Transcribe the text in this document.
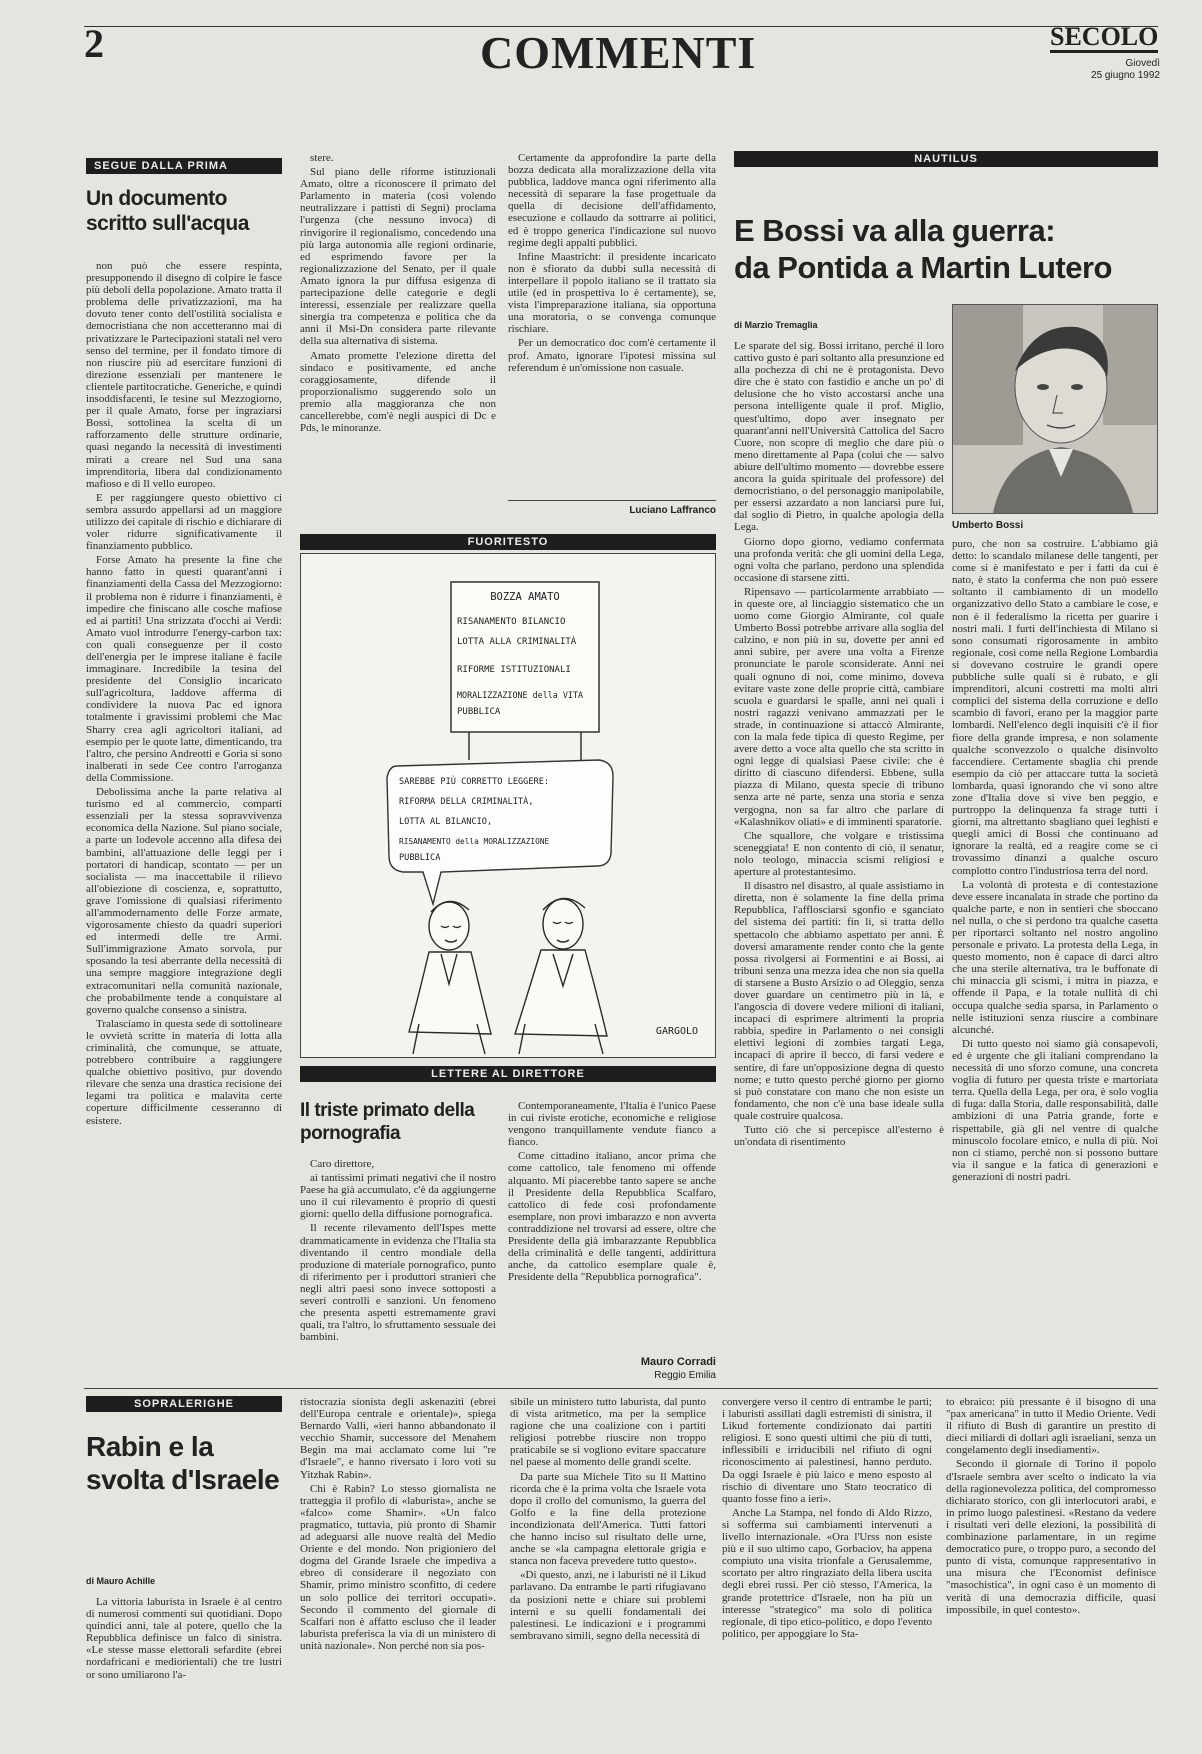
2	COMMENTI	SECOLO
Giovedì
25 giugno 1992
SEGUE DALLA PRIMA
Un documento scritto sull'acqua

non può che essere respinta, presupponendo il disegno di colpire le fasce più deboli della popolazione. Amato tratta il problema delle privatizzazioni, ma ha dovuto tener conto dell'ostilità socialista e democristiana che non accetteranno mai di privatizzare le Partecipazioni statali nel vero senso del termine, per il fondato timore di non riuscire più ad esercitare funzioni di direzione essenziali per mantenere le clientele partitocratiche. Generiche, e quindi insoddisfacenti, le tesine sul Mezzogiorno, per il quale Amato, forse per ingraziarsi Bossi, sottolinea la scelta di un rafforzamento delle strutture ordinarie, quasi negando la necessità di investimenti mirati a creare nel Sud una sana imprenditoria, libera dal condizionamento mafioso e di Il vello europeo.

E per raggiungere questo obiettivo ci sembra assurdo appellarsi ad un maggiore utilizzo dei capitale di rischio e dichiarare di voler ridurre significativamente il finanziamento pubblico.

Forse Amato ha presente la fine che hanno fatto in questi quarant'anni i finanziamenti della Cassa del Mezzogiorno: il problema non è ridurre i finanziamenti, è impedire che finiscano alle cosche mafiose ed ai partiti! Una strizzata d'occhi ai Verdi: Amato vuol introdurre l'energy-carbon tax: con quali conseguenze per il costo dell'energia per le imprese italiane è facile immaginare. Incredibile la tesina del presidente del Consiglio incaricato sull'agricoltura, laddove afferma di condividere la nuova Pac ed ignora totalmente i gravissimi problemi che Mac Sharry crea agli agricoltori italiani, ad esempio per le quote latte, dimenticando, tra l'altro, che persino Andreotti e Goria si sono inalberati in sede Cee contro l'arroganza della Commissione.

Debolissima anche la parte relativa al turismo ed al commercio, comparti essenziali per la stessa sopravvivenza economica della Nazione. Sul piano sociale, a parte un lodevole accenno alla difesa dei bambini, all'attuazione delle leggi per i portatori di handicap, scontato — per un socialista — ma inaccettabile il rilievo all'obiezione di coscienza, e, soprattutto, grave l'omissione di qualsiasi riferimento all'ammodernamento delle Forze armate, vigorosamente chiesto da quadri superiori ed intermedi delle tre Armi. Sull'immigrazione Amato sorvola, pur sposando la tesi aberrante della necessità di una sempre maggiore integrazione degli extracomunitari nella comunità nazionale, che probabilmente tende a conquistare al governo qualche consenso a sinistra.

Tralasciamo in questa sede di sottolineare le ovvietà scritte in materia di lotta alla criminalità, che comunque, se attuate, potrebbero contribuire a raggiungere qualche obiettivo positivo, pur dovendo rilevare che senza una drastica recisione dei legami tra politica e malavita certe coperture difficilmente cesseranno di esistere.

stere.

Sul piano delle riforme istituzionali Amato, oltre a riconoscere il primato del Parlamento in materia (così volendo neutralizzare i pattisti di Segni) proclama l'urgenza (che nessuno invoca) di rinvigorire il regionalismo, concedendo una più larga autonomia alle regioni ordinarie, ed esprimendo favore per la regionalizzazione del Senato, per il quale Amato ignora la pur diffusa esigenza di partecipazione delle categorie e degli interessi, essenziale per realizzare quella sinergia tra competenza e politica che da anni il Msi-Dn considera parte rilevante della sua alternativa di sistema.

Amato promette l'elezione diretta del sindaco e positivamente, ed anche coraggiosamente, difende il proporzionalismo suggerendo solo un premio alla maggioranza che non cancellerebbe, com'è negli auspici di Dc e Pds, le minoranze.

Certamente da approfondire la parte della bozza dedicata alla moralizzazione della vita pubblica, laddove manca ogni riferimento alla necessità di separare la fase progettuale da quella di decisione dell'affidamento, esecuzione e collaudo da sottrarre ai politici, ed è troppo generica l'indicazione sul nuovo regime degli appalti pubblici.

Infine Maastricht: il presidente incaricato non è sfiorato da dubbi sulla necessità di interpellare il popolo italiano se il trattato sia utile (ed in prospettiva lo è certamente), se, vista l'impreparazione italiana, sia opportuna una moratoria, o se convenga comunque rischiare.

Per un democratico doc com'è certamente il prof. Amato, ignorare l'ipotesi missina sul referendum è un'omissione non casuale.

Luciano Laffranco
FUORITESTO
BOZZA AMATO
RISANAMENTO BILANCIO
LOTTA ALLA CRIMINALITÀ
RIFORME ISTITUZIONALI
MORALIZZAZIONE della VITA
PUBBLICA
SAREBBE PIÙ CORRETTO LEGGERE:
RIFORMA DELLA CRIMINALITÀ,
LOTTA AL BILANCIO,
RISANAMENTO della MORALIZZAZIONE
PUBBLICA
GARGOLO
LETTERE AL DIRETTORE
Il triste primato della pornografia

Caro direttore,

ai tantissimi primati negativi che il nostro Paese ha già accumulato, c'è da aggiungerne uno il cui rilevamento è proprio di questi giorni: quello della diffusione pornografica.

Il recente rilevamento dell'Ispes mette drammaticamente in evidenza che l'Italia sta diventando il centro mondiale della produzione di materiale pornografico, punto di riferimento per i produttori stranieri che negli altri paesi sono invece sottoposti a severi controlli e sanzioni. Un fenomeno che presenta aspetti estremamente gravi quali, tra l'altro, lo sfruttamento sessuale dei bambini.

Contemporaneamente, l'Italia è l'unico Paese in cui riviste erotiche, economiche e religiose vengono tranquillamente vendute fianco a fianco.

Come cittadino italiano, ancor prima che come cattolico, tale fenomeno mi offende alquanto. Mi piacerebbe tanto sapere se anche il Presidente della Repubblica Scalfaro, cattolico di fede così profondamente esemplare, non provi imbarazzo e non avverta contraddizione nel trovarsi ad essere, oltre che Presidente della già imbarazzante Repubblica della criminalità e delle tangenti, addirittura anche, da cattolico esemplare quale è, Presidente della "Repubblica pornografica".

Mauro Corradi
Reggio Emilia
NAUTILUS
E Bossi va alla guerra:
da Pontida a Martin Lutero
di Marzio Tremaglia
Umberto Bossi

Le sparate del sig. Bossi irritano, perché il loro cattivo gusto è pari soltanto alla presunzione ed alla pochezza di chi ne è protagonista. Devo dire che è stato con fastidio e anche un po' di delusione che ho visto accostarsi anche una persona intelligente quale il prof. Miglio, quest'ultimo, dopo aver insegnato per quarant'anni nell'Università Cattolica del Sacro Cuore, non scopre di meglio che dare più o meno direttamente al Papa (colui che — salvo abiure dell'ultimo momento — dovrebbe essere ancora la guida spirituale del professore) del democristiano, o del personaggio manipolabile, per essersi azzardato a non lanciarsi pure lui, dal soglio di Pietro, in qualche apologia della Lega.

Giorno dopo giorno, vediamo confermata una profonda verità: che gli uomini della Lega, ogni volta che parlano, perdono una splendida occasione di starsene zitti.

Ripensavo — particolarmente arrabbiato — in queste ore, al linciaggio sistematico che un uomo come Giorgio Almirante, col quale Umberto Bossi potrebbe arrivare alla soglia del calzino, e non più in su, dovette per anni ed anni subire, per avere una volta a Firenze pronunciate le parole sconsiderate. Anni nei quali ognuno di noi, come minimo, doveva evitare vaste zone delle proprie città, cambiare scuola e guardarsi le spalle, anni nei quali i nostri ragazzi venivano ammazzati per le strade, in continuazione si attaccò Almirante, con la mala fede tipica di questo Regime, per avere detto a voce alta quello che sta scritto in ogni legge di qualsiasi Paese civile: che è diritto di ciascuno difendersi. Ebbene, sulla piazza di Milano, questa specie di tribuno senza arte né parte, senza una storia e senza vergogna, non sa far altro che parlare di «Kalashnikov oliati» e di imminenti sparatorie.

Che squallore, che volgare e tristissima sceneggiata! E non contento di ciò, il senatur, nolo teologo, minaccia scismi religiosi e aperture al protestantesimo.

Il disastro nel disastro, al quale assistiamo in diretta, non è solamente la fine della prima Repubblica, l'afflosciarsi sgonfio e sganciato del sistema dei partiti: fin lì, si tratta dello spettacolo che abbiamo aspettato per anni. È doversi amaramente render conto che la gente possa rivolgersi ai Formentini e ai Bossi, ai tribuni senza una mezza idea che non sia quella di starsene a Busto Arsizio o ad Oleggio, senza dover guardare un centimetro più in là, e l'angoscia di dovere vedere milioni di italiani, incapaci di esprimere altrimenti la propria rabbia, spedire in Parlamento o nei consigli elettivi legioni di zombies targati Lega, incapaci di aprire il becco, di farsi vedere e sentire, di fare un'opposizione degna di questo nome; e tutto questo perché giorno per giorno si può constatare con mano che non esiste un fondamento, che non c'è una base ideale sulla quale costruire qualcosa.

Tutto ciò che si percepisce all'esterno è un'ondata di risentimento

puro, che non sa costruire. L'abbiamo già detto: lo scandalo milanese delle tangenti, per come si è manifestato e per i fatti da cui è nato, è stato la conferma che non può essere soltanto il cambiamento di un modello organizzativo dello Stato a cambiare le cose, e non è il federalismo la ricetta per guarire i nostri mali. I furti dell'inchiesta di Milano si sono consumati rigorosamente in ambito regionale, così come nella Regione Lombardia si dovevano costruire le grandi opere pubbliche sulle quali si è rubato, e gli imprenditori, alcuni costretti ma molti altri complici del sistema della corruzione e dello scambio di favori, erano per la maggior parte lombardi. Nell'elenco degli inquisiti c'è il fior fiore della grande impresa, e non solamente qualche sconvezzolo o qualche disinvolto faccendiere. Certamente sbaglia chi prende esempio da ciò per attaccare tutta la società lombarda, quasi ignorando che vi sono altre zone d'Italia dove si vive ben peggio, e purtroppo la delinquenza fa strage tutti i giorni, ma altrettanto sbagliano quei leghisti e quegli amici di Bossi che continuano ad ignorare la realtà, ed a reagire come se ci trovassimo dinanzi a qualche oscuro complotto contro l'industriosa terra del nord.

La volontà di protesta e di contestazione deve essere incanalata in strade che portino da qualche parte, e non in sentieri che sboccano nel nulla, o che si perdono tra qualche casetta per riportarci soltanto nel nostro angolino personale e privato. La protesta della Lega, in questo momento, non è capace di darci altro che una sterile alternativa, tra le buffonate di chi minaccia gli scismi, i mitra in piazza, e offende il Papa, e la totale nullità di chi occupa qualche sedia sparsa, in Parlamento o nelle istituzioni senza riuscire a combinare alcunché.

Di tutto questo noi siamo già consapevoli, ed è urgente che gli italiani comprendano la necessità di uno sforzo comune, una concreta voglia di futuro per questa triste e martoriata terra. Quella della Lega, per ora, è solo voglia di fuga: dalla Storia, dalle responsabilità, dalle ambizioni di una Patria grande, forte e rispettabile, già gli nel ventre di qualche minuscolo focolare etnico, e nulla di più. Noi non ci stiamo, perché non si possono buttare via il sangue e la fatica di generazioni e generazioni di nostri padri.

SOPRALERIGHE
Rabin e la svolta d'Israele
di Mauro Achille

La vittoria laburista in Israele è al centro di numerosi commenti sui quotidiani. Dopo quindici anni, tale al potere, quello che la Repubblica definisce un falco di sinistra. «Le stesse masse elettorali sefardite (ebrei nordafricani e mediorientali) che tre lustri or sono umiliarono l'a-

ristocrazia sionista degli askenaziti (ebrei dell'Europa centrale e orientale)», spiega Bernardo Valli, «ieri hanno abbandonato il vecchio Shamir, successore del Menahem Begin ma mai acclamato come lui "re d'Israele", e hanno riversato i loro voti su Yitzhak Rabin».

Chi è Rabin? Lo stesso giornalista ne tratteggia il profilo di «laburista», anche se «falco» come Shamir». «Un falco pragmatico, tuttavia, più pronto di Shamir ad adeguarsi alle nuove realtà del Medio Oriente e del mondo. Non prigioniero del dogma del Grande Israele che impediva a ebreo di considerare il negoziato con Shamir, primo ministro sconfitto, di cedere un solo pollice dei territori occupati». Secondo il commento del giornale di Scalfari non è affatto escluso che il leader laburista preferisca la via di un ministero di unità nazionale». Non perché non sia pos-

sibile un ministero tutto laburista, dal punto di vista aritmetico, ma per la semplice ragione che una coalizione con i partiti religiosi potrebbe riuscire non troppo praticabile se si vogliono evitare spaccature nel paese al momento delle grandi scelte.

Da parte sua Michele Tito su Il Mattino ricorda che è la prima volta che Israele vota dopo il crollo del comunismo, la guerra del Golfo e la fine della protezione incondizionata dell'America. Tutti fattori che hanno inciso sul risultato delle urne, anche se «la campagna elettorale grigia e stanca non faceva prevedere tutto questo».

«Di questo, anzi, ne i laburisti né il Likud parlavano. Da entrambe le parti rifugiavano da posizioni nette e chiare sui problemi interni e su quelli fondamentali dei palestinesi. Le indicazioni e i programmi sembravano simili, segno della necessità di

convergere verso il centro di entrambe le parti; i laburisti assillati dagli estremisti di sinistra, il Likud fortemente condizionato dai partiti religiosi. E sono questi ultimi che più di tutti, inflessibili e irriducibili nel rifiuto di ogni riconoscimento ai palestinesi, hanno perduto. Da oggi Israele è più laico e meno esposto al rischio di diventare uno Stato teocratico di quanto fosse fino a ieri».

Anche La Stampa, nel fondo di Aldo Rizzo, si sofferma sui cambiamenti intervenuti a livello internazionale. «Ora l'Urss non esiste più e il suo ultimo capo, Gorbaciov, ha appena compiuto una visita trionfale a Gerusalemme, scortato per altro ringraziato della libera uscita degli ebrei russi. Per ciò stesso, l'America, la grande protettrice d'Israele, non ha più un interesse "strategico" ma solo di politica regionale, di tipo etico-politico, e dopo l'evento politico, per appoggiare lo Sta-

to ebraico: più pressante è il bisogno di una "pax americana" in tutto il Medio Oriente. Vedi il rifiuto di Bush di garantire un prestito di dieci miliardi di dollari agli israeliani, senza un congelamento degli insediamenti».

Secondo il giornale di Torino il popolo d'Israele sembra aver scelto o indicato la via della ragionevolezza politica, del compromesso dichiarato storico, con gli interlocutori arabi, e in primo luogo palestinesi. «Restano da vedere i risultati veri delle elezioni, la possibilità di combinazione parlamentare, in un regime democratico pure, o troppo puro, a secondo del punto di vista, comunque rappresentativo in una misura che l'Economist definisce "masochistica", in ogni caso è un momento di verità di una democrazia difficile, quasi impossibile, in quel contesto».
